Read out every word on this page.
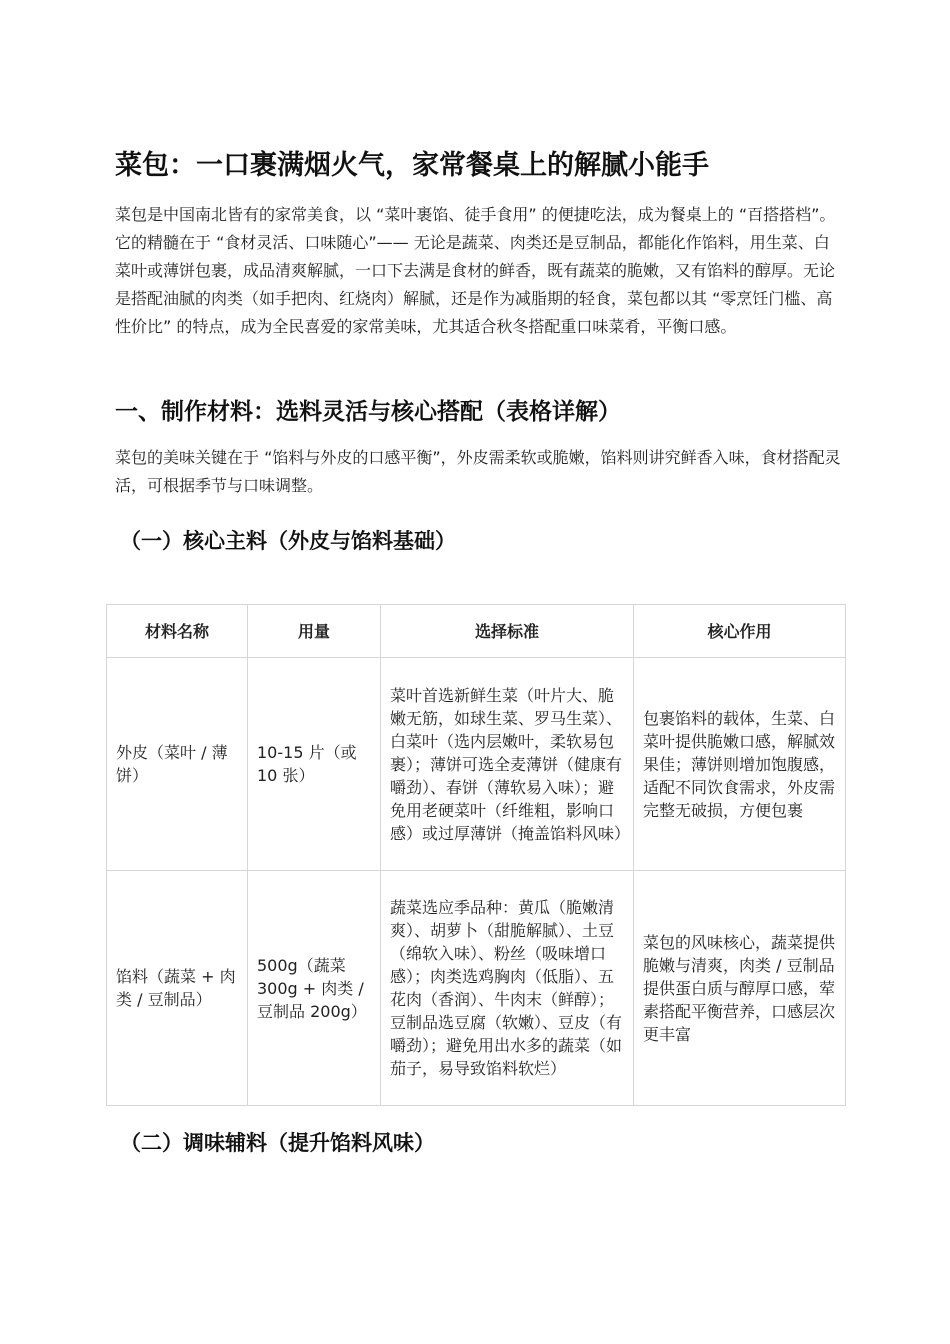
菜包：一口裹满烟火气，家常餐桌上的解腻小能手

菜包是中国南北皆有的家常美食，以 “菜叶裹馅、徒手食用” 的便捷吃法，成为餐桌上的 “百搭搭档”。它的精髓在于 “食材灵活、口味随心”—— 无论是蔬菜、肉类还是豆制品，都能化作馅料，用生菜、白菜叶或薄饼包裹，成品清爽解腻，一口下去满是食材的鲜香，既有蔬菜的脆嫩，又有馅料的醇厚。无论是搭配油腻的肉类（如手把肉、红烧肉）解腻，还是作为减脂期的轻食，菜包都以其 “零烹饪门槛、高性价比” 的特点，成为全民喜爱的家常美味，尤其适合秋冬搭配重口味菜肴，平衡口感。

一、制作材料：选料灵活与核心搭配（表格详解）

菜包的美味关键在于 “馅料与外皮的口感平衡”，外皮需柔软或脆嫩，馅料则讲究鲜香入味，食材搭配灵活，可根据季节与口味调整。

（一）核心主料（外皮与馅料基础）
材料名称	用量	选择标准	核心作用
外皮（菜叶 / 薄饼）	10-15 片（或 10 张）	菜叶首选新鲜生菜（叶片大、脆嫩无筋，如球生菜、罗马生菜）、白菜叶（选内层嫩叶，柔软易包裹）；薄饼可选全麦薄饼（健康有嚼劲）、春饼（薄软易入味）；避免用老硬菜叶（纤维粗，影响口感）或过厚薄饼（掩盖馅料风味）	包裹馅料的载体，生菜、白菜叶提供脆嫩口感，解腻效果佳；薄饼则增加饱腹感，适配不同饮食需求，外皮需完整无破损，方便包裹
馅料（蔬菜 + 肉类 / 豆制品）	500g（蔬菜 300g + 肉类 / 豆制品 200g）	蔬菜选应季品种：黄瓜（脆嫩清爽）、胡萝卜（甜脆解腻）、土豆（绵软入味）、粉丝（吸味增口感）；肉类选鸡胸肉（低脂）、五花肉（香润）、牛肉末（鲜醇）；豆制品选豆腐（软嫩）、豆皮（有嚼劲）；避免用出水多的蔬菜（如茄子，易导致馅料软烂）	菜包的风味核心，蔬菜提供脆嫩与清爽，肉类 / 豆制品提供蛋白质与醇厚口感，荤素搭配平衡营养，口感层次更丰富
（二）调味辅料（提升馅料风味）
